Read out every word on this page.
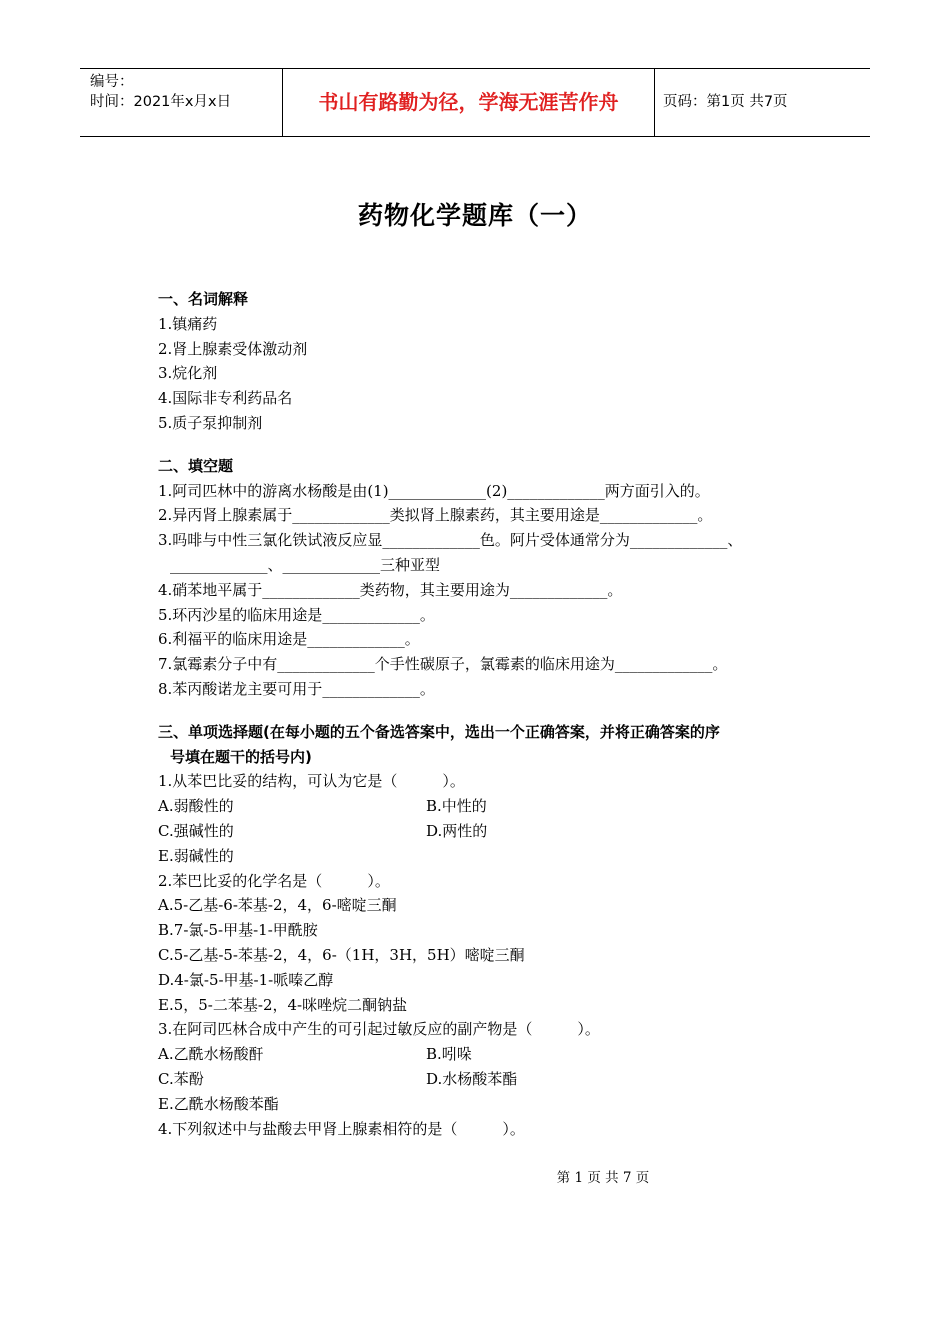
编号：
时间：2021年x月x日	书山有路勤为径，学海无涯苦作舟	页码：第1页 共7页
药物化学题库（一）
一、名词解释
1.镇痛药
2.肾上腺素受体激动剂
3.烷化剂
4.国际非专利药品名
5.质子泵抑制剂
二、填空题
1.阿司匹林中的游离水杨酸是由(1)_____________(2)_____________两方面引入的。
2.异丙肾上腺素属于_____________类拟肾上腺素药，其主要用途是_____________。
3.吗啡与中性三氯化铁试液反应显_____________色。阿片受体通常分为_____________、
_____________、_____________三种亚型
4.硝苯地平属于_____________类药物，其主要用途为_____________。
5.环丙沙星的临床用途是_____________。
6.利福平的临床用途是_____________。
7.氯霉素分子中有_____________个手性碳原子，氯霉素的临床用途为_____________。
8.苯丙酸诺龙主要可用于_____________。
三、单项选择题(在每小题的五个备选答案中，选出一个正确答案，并将正确答案的序
号填在题干的括号内)
1.从苯巴比妥的结构，可认为它是（　　　）。
A.弱酸性的	B.中性的
C.强碱性的	D.两性的
E.弱碱性的
2.苯巴比妥的化学名是（　　　）。
A.5-乙基-6-苯基-2，4，6-嘧啶三酮
B.7-氯-5-甲基-1-甲酰胺
C.5-乙基-5-苯基-2，4，6-（1H，3H，5H）嘧啶三酮
D.4-氯-5-甲基-1-哌嗪乙醇
E.5，5-二苯基-2，4-咪唑烷二酮钠盐
3.在阿司匹林合成中产生的可引起过敏反应的副产物是（　　　）。
A.乙酰水杨酸酐	B.吲哚
C.苯酚	D.水杨酸苯酯
E.乙酰水杨酸苯酯
4.下列叙述中与盐酸去甲肾上腺素相符的是（　　　）。
第 1 页 共 7 页
